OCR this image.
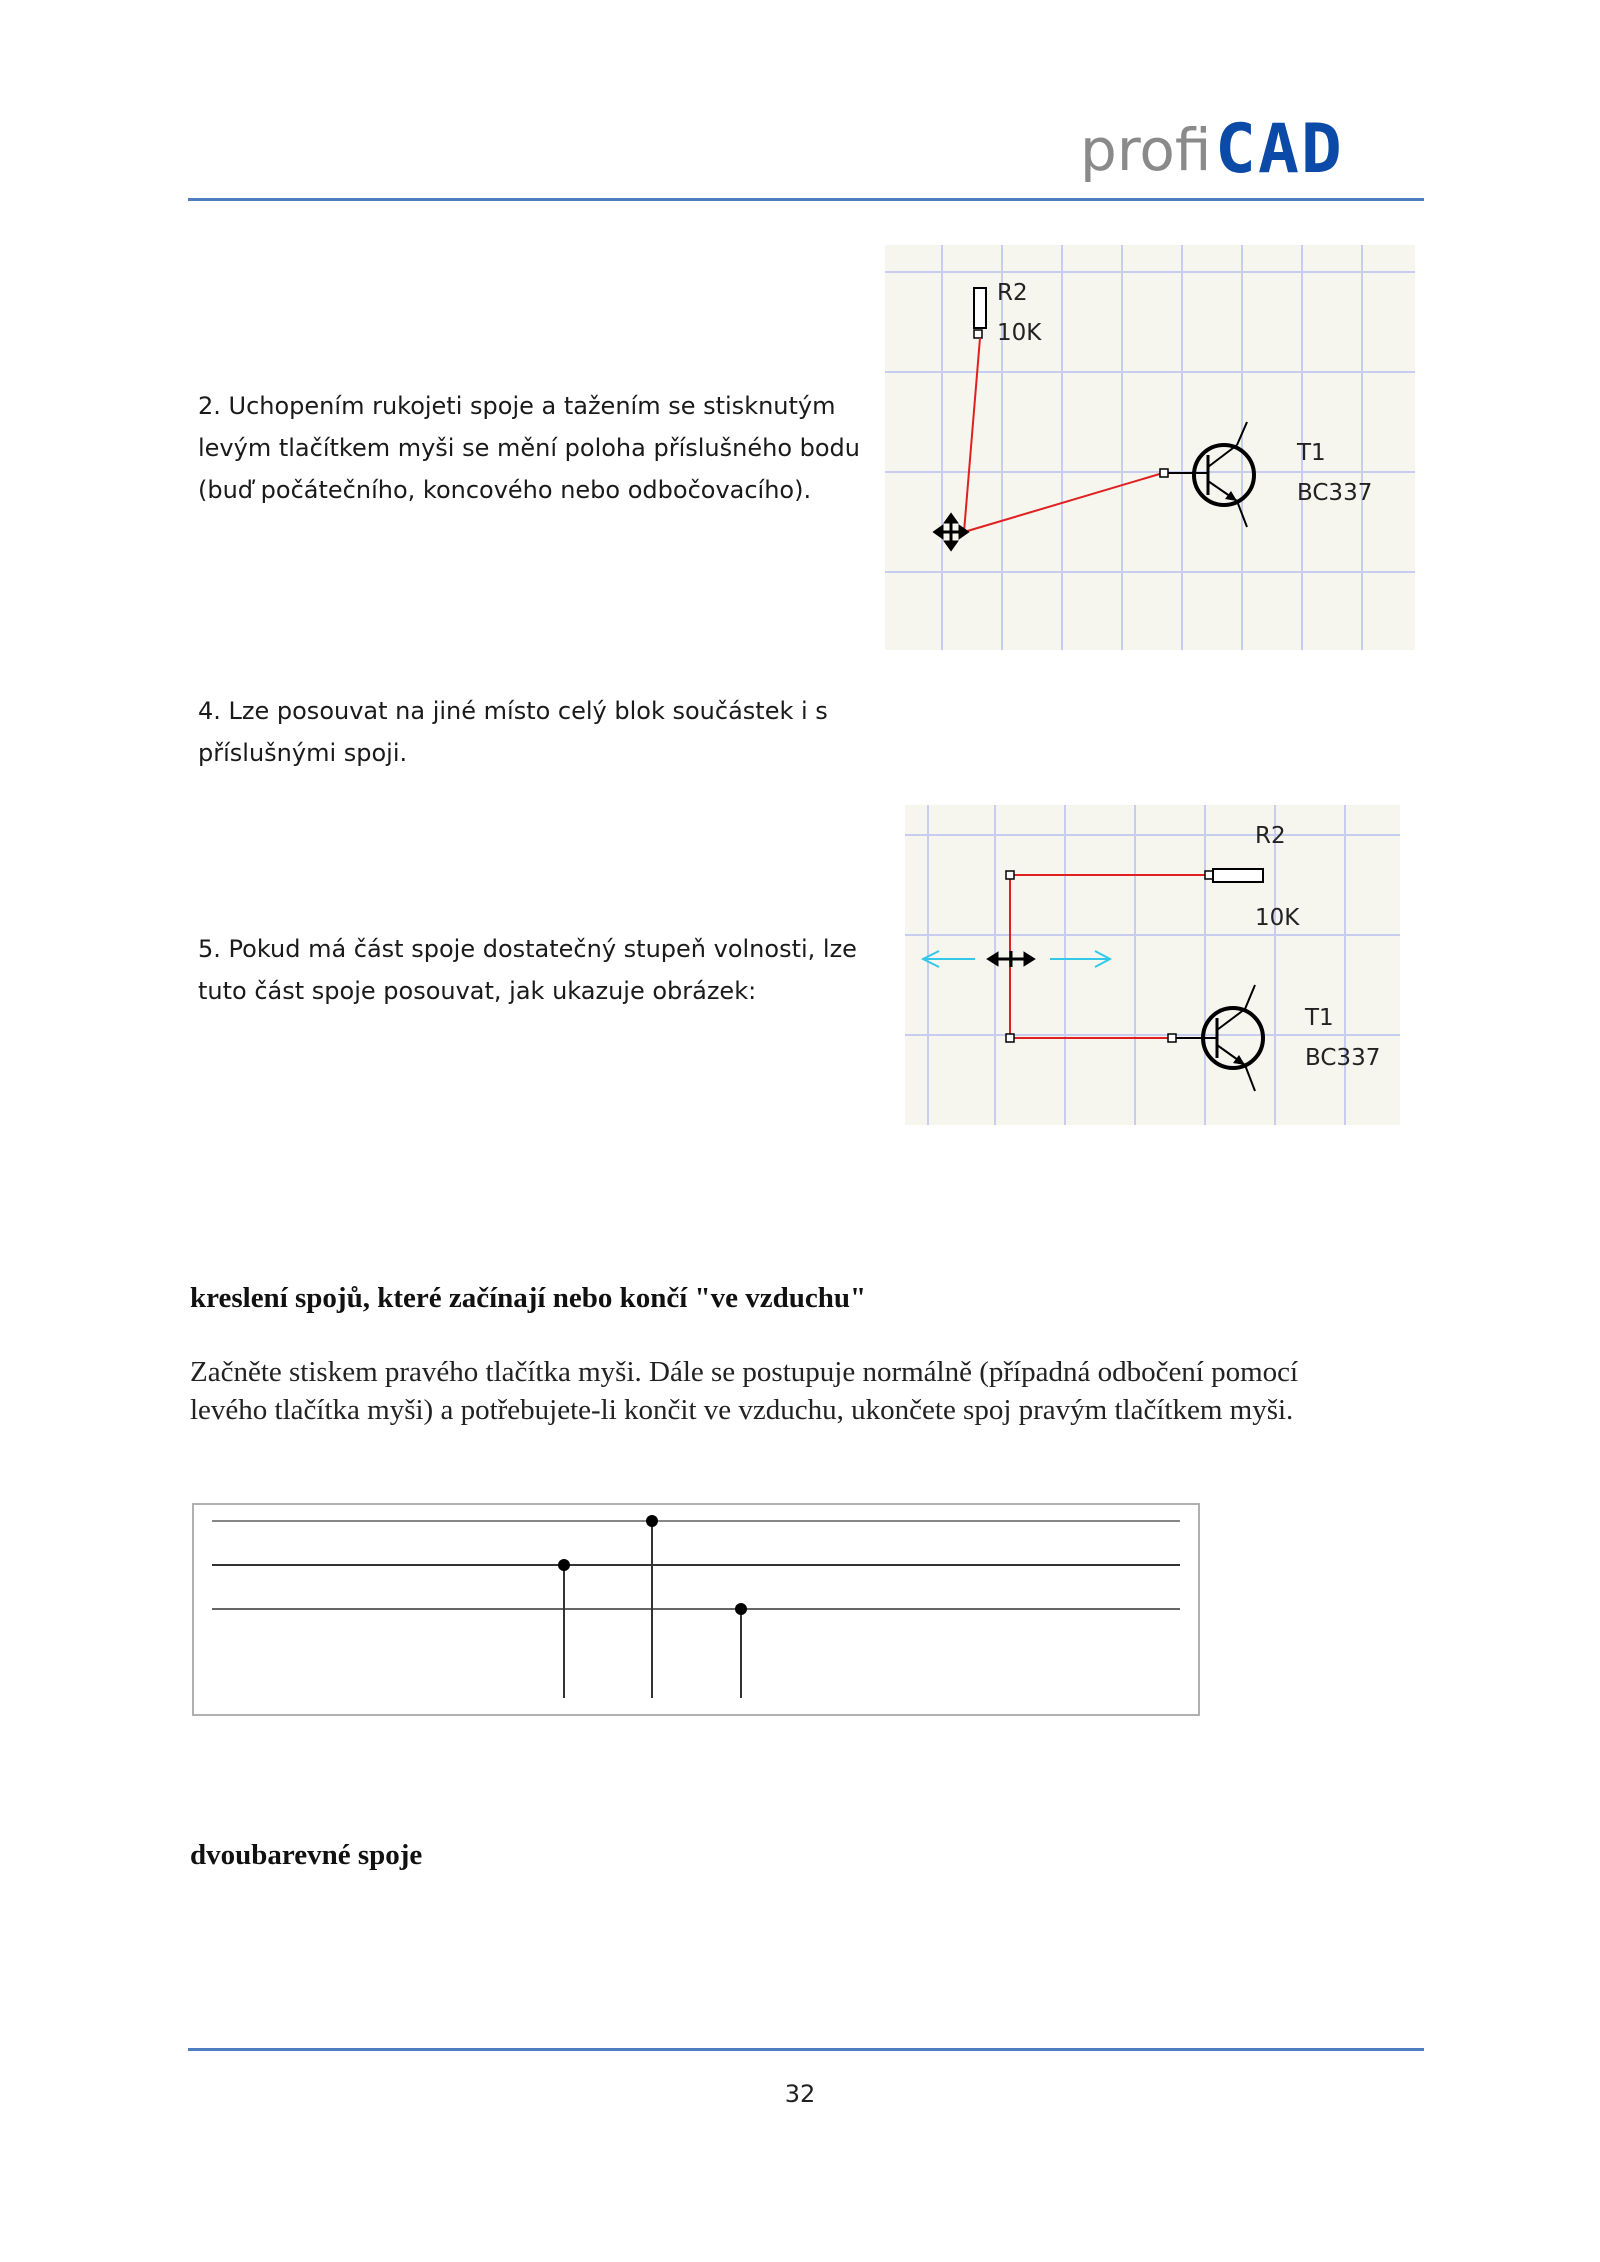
profi CAD
2. Uchopením rukojeti spoje a tažením se stisknutým levým tlačítkem myši se mění poloha příslušného bodu (buď počátečního, koncového nebo odbočovacího).
R2
10K
T1
BC337
4. Lze posouvat na jiné místo celý blok součástek i s příslušnými spoji.
5. Pokud má část spoje dostatečný stupeň volnosti, lze tuto část spoje posouvat, jak ukazuje obrázek:
R2
10K
T1
BC337
kreslení spojů, které začínají nebo končí "ve vzduchu"
Začněte stiskem pravého tlačítka myši. Dále se postupuje normálně (případná odbočení pomocí levého tlačítka myši) a potřebujete-li končit ve vzduchu, ukončete spoj pravým tlačítkem myši.
dvoubarevné spoje
32
